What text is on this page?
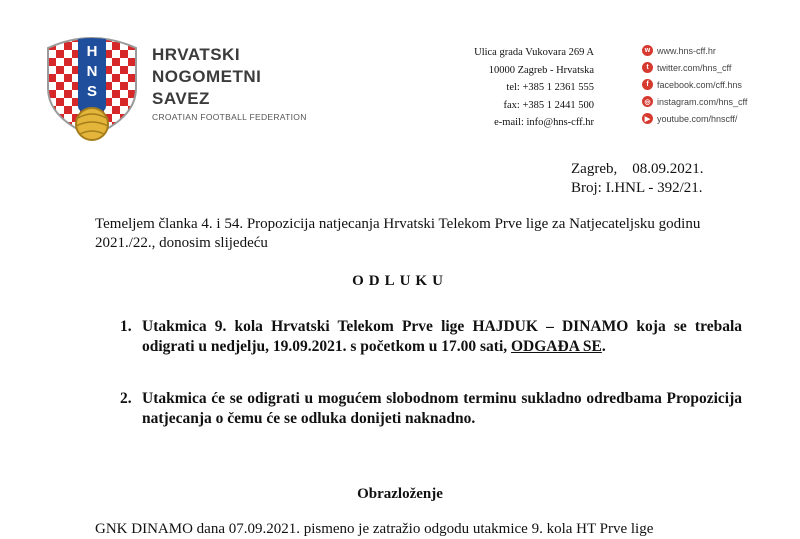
H
N
S
HRVATSKI
NOGOMETNI
SAVEZ
CROATIAN FOOTBALL FEDERATION
Ulica grada Vukovara 269 A
10000 Zagreb - Hrvatska
tel: +385 1 2361 555
fax: +385 1 2441 500
e-mail: info@hns-cff.hr
w www.hns-cff.hr
t twitter.com/hns_cff
f facebook.com/cff.hns
◎ instagram.com/hns_cff
▶ youtube.com/hnscff/
Zagreb,    08.09.2021.
Broj: I.HNL - 392/21.
Temeljem članka 4. i 54. Propozicija natjecanja Hrvatski Telekom Prve lige za Natjecateljsku godinu 2021./22., donosim slijedeću
ODLUKU
1. Utakmica 9. kola Hrvatski Telekom Prve lige HAJDUK – DINAMO koja se trebala odigrati u nedjelju, 19.09.2021. s početkom u 17.00 sati, ODGAĐA SE.
2. Utakmica će se odigrati u mogućem slobodnom terminu sukladno odredbama Propozicija natjecanja o čemu će se odluka donijeti naknadno.
Obrazloženje
GNK DINAMO dana 07.09.2021. pismeno je zatražio odgodu utakmice 9. kola HT Prve lige
